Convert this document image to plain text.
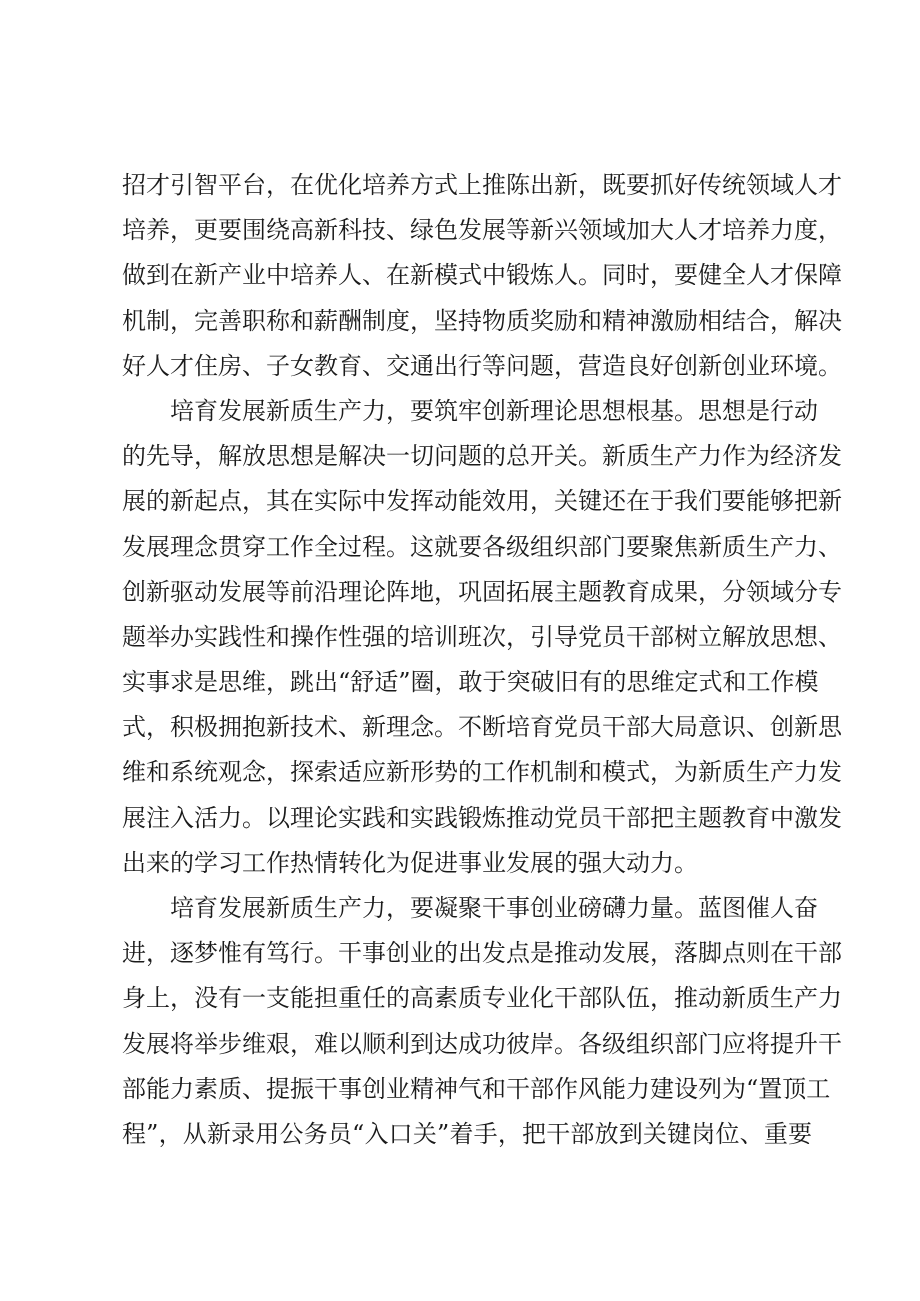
招才引智平台，在优化培养方式上推陈出新，既要抓好传统领域人才
培养，更要围绕高新科技、绿色发展等新兴领域加大人才培养力度，
做到在新产业中培养人、在新模式中锻炼人。同时，要健全人才保障
机制，完善职称和薪酬制度，坚持物质奖励和精神激励相结合，解决
好人才住房、子女教育、交通出行等问题，营造良好创新创业环境。
培育发展新质生产力，要筑牢创新理论思想根基。思想是行动
的先导，解放思想是解决一切问题的总开关。新质生产力作为经济发
展的新起点，其在实际中发挥动能效用，关键还在于我们要能够把新
发展理念贯穿工作全过程。这就要各级组织部门要聚焦新质生产力、
创新驱动发展等前沿理论阵地，巩固拓展主题教育成果，分领域分专
题举办实践性和操作性强的培训班次，引导党员干部树立解放思想、
实事求是思维，跳出“舒适”圈，敢于突破旧有的思维定式和工作模
式，积极拥抱新技术、新理念。不断培育党员干部大局意识、创新思
维和系统观念，探索适应新形势的工作机制和模式，为新质生产力发
展注入活力。以理论实践和实践锻炼推动党员干部把主题教育中激发
出来的学习工作热情转化为促进事业发展的强大动力。
培育发展新质生产力，要凝聚干事创业磅礴力量。蓝图催人奋
进，逐梦惟有笃行。干事创业的出发点是推动发展，落脚点则在干部
身上，没有一支能担重任的高素质专业化干部队伍，推动新质生产力
发展将举步维艰，难以顺利到达成功彼岸。各级组织部门应将提升干
部能力素质、提振干事创业精神气和干部作风能力建设列为“置顶工
程”，从新录用公务员“入口关”着手，把干部放到关键岗位、重要
